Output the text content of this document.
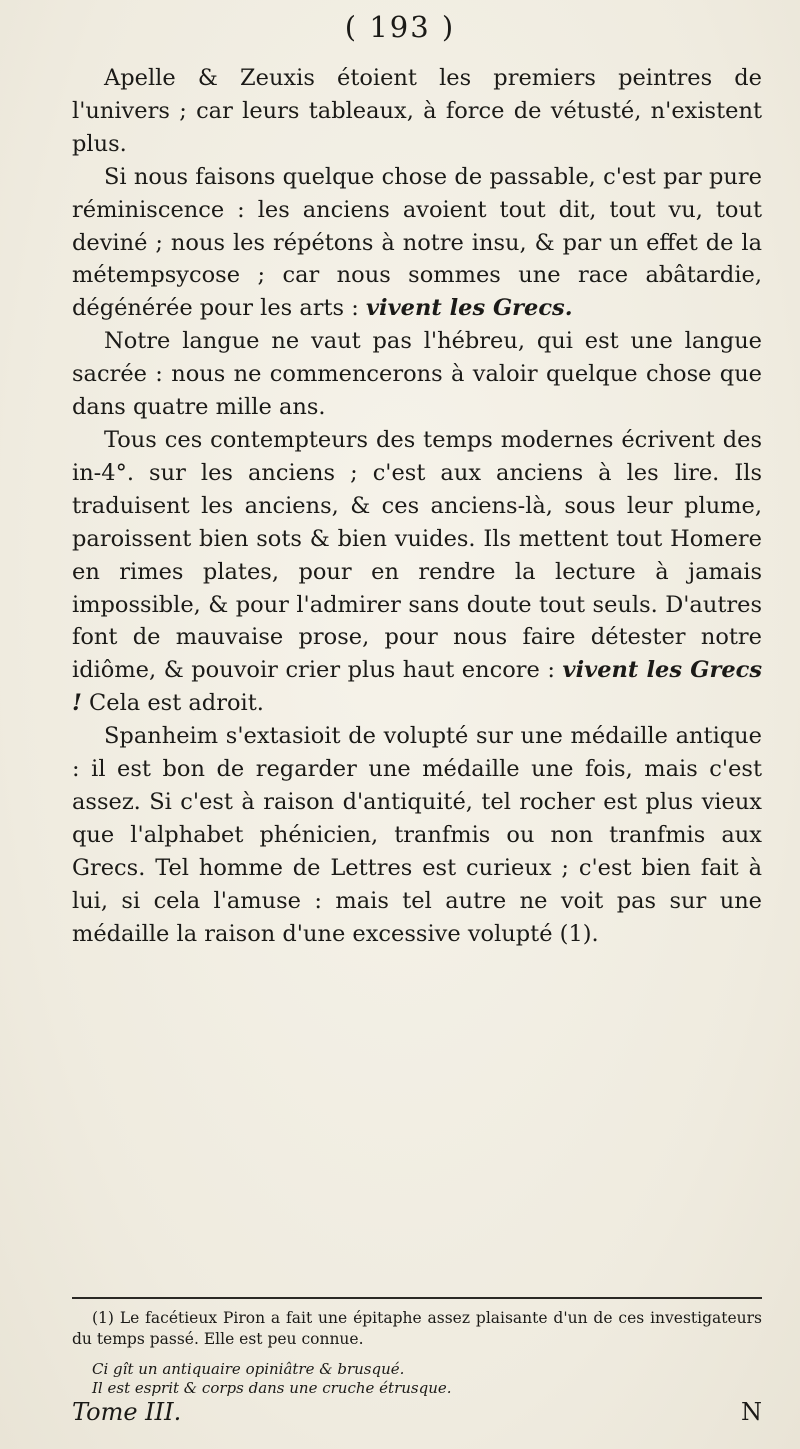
( 193 )

Apelle & Zeuxis étoient les premiers peintres de l'univers ; car leurs tableaux, à force de vétusté, n'existent plus.

Si nous faisons quelque chose de passable, c'est par pure réminiscence : les anciens avoient tout dit, tout vu, tout deviné ; nous les répétons à notre insu, & par un effet de la métempsycose ; car nous sommes une race abâtardie, dégénérée pour les arts : vivent les Grecs.

Notre langue ne vaut pas l'hébreu, qui est une langue sacrée : nous ne commencerons à valoir quelque chose que dans quatre mille ans.

Tous ces contempteurs des temps modernes écrivent des in-4°. sur les anciens ; c'est aux anciens à les lire. Ils traduisent les anciens, & ces anciens-là, sous leur plume, paroissent bien sots & bien vuides. Ils mettent tout Homere en rimes plates, pour en rendre la lecture à jamais impossible, & pour l'admirer sans doute tout seuls. D'autres font de mauvaise prose, pour nous faire détester notre idiôme, & pouvoir crier plus haut encore : vivent les Grecs ! Cela est adroit.

Spanheim s'extasioit de volupté sur une médaille antique : il est bon de regarder une médaille une fois, mais c'est assez. Si c'est à raison d'antiquité, tel rocher est plus vieux que l'alphabet phénicien, tranfmis ou non tranfmis aux Grecs. Tel homme de Lettres est curieux ; c'est bien fait à lui, si cela l'amuse : mais tel autre ne voit pas sur une médaille la raison d'une excessive volupté (1).

(1) Le facétieux Piron a fait une épitaphe assez plaisante d'un de ces investigateurs du temps passé. Elle est peu connue.

Ci gît un antiquaire opiniâtre & brusqué.
Il est esprit & corps dans une cruche étrusque.
Tome III.	N
